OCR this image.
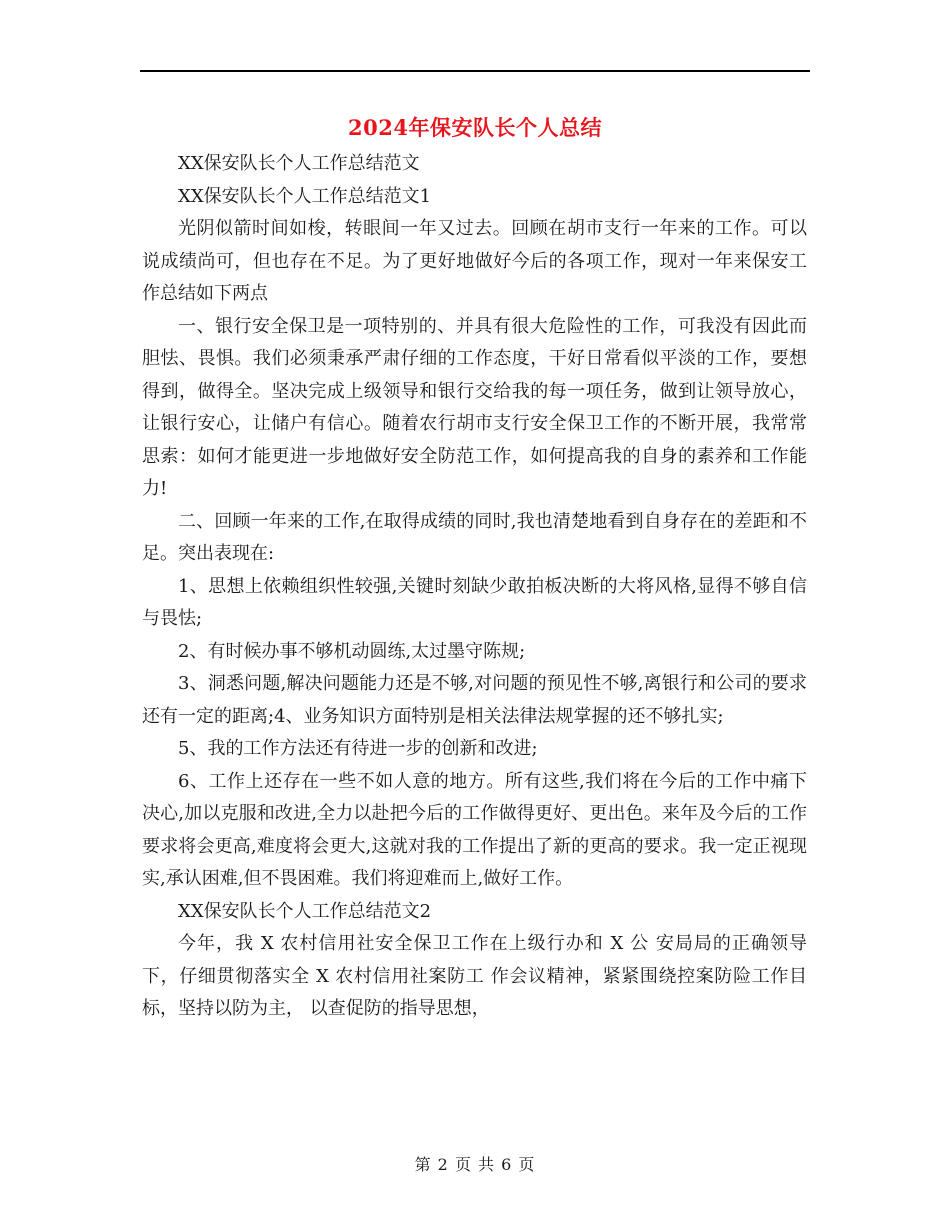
2024年保安队长个人总结

XX保安队长个人工作总结范文

XX保安队长个人工作总结范文1

光阴似箭时间如梭，转眼间一年又过去。回顾在胡市支行一年来的工作。可以说成绩尚可，但也存在不足。为了更好地做好今后的各项工作，现对一年来保安工作总结如下两点

一、银行安全保卫是一项特别的、并具有很大危险性的工作，可我没有因此而胆怯、畏惧。我们必须秉承严肃仔细的工作态度，干好日常看似平淡的工作，要想得到，做得全。坚决完成上级领导和银行交给我的每一项任务，做到让领导放心，让银行安心，让储户有信心。随着农行胡市支行安全保卫工作的不断开展，我常常思索：如何才能更进一步地做好安全防范工作，如何提高我的自身的素养和工作能力!

二、回顾一年来的工作,在取得成绩的同时,我也清楚地看到自身存在的差距和不足。突出表现在:

1、思想上依赖组织性较强,关键时刻缺少敢拍板决断的大将风格,显得不够自信与畏怯;

2、有时候办事不够机动圆练,太过墨守陈规;

3、洞悉问题,解决问题能力还是不够,对问题的预见性不够,离银行和公司的要求还有一定的距离;4、业务知识方面特别是相关法律法规掌握的还不够扎实;

5、我的工作方法还有待进一步的创新和改进;

6、工作上还存在一些不如人意的地方。所有这些,我们将在今后的工作中痛下决心,加以克服和改进,全力以赴把今后的工作做得更好、更出色。来年及今后的工作要求将会更高,难度将会更大,这就对我的工作提出了新的更高的要求。我一定正视现实,承认困难,但不畏困难。我们将迎难而上,做好工作。

XX保安队长个人工作总结范文2

今年，我 X 农村信用社安全保卫工作在上级行办和 X 公 安局局的正确领导下，仔细贯彻落实全 X 农村信用社案防工 作会议精神，紧紧围绕控案防险工作目标，坚持以防为主， 以查促防的指导思想，

第 2 页 共 6 页
